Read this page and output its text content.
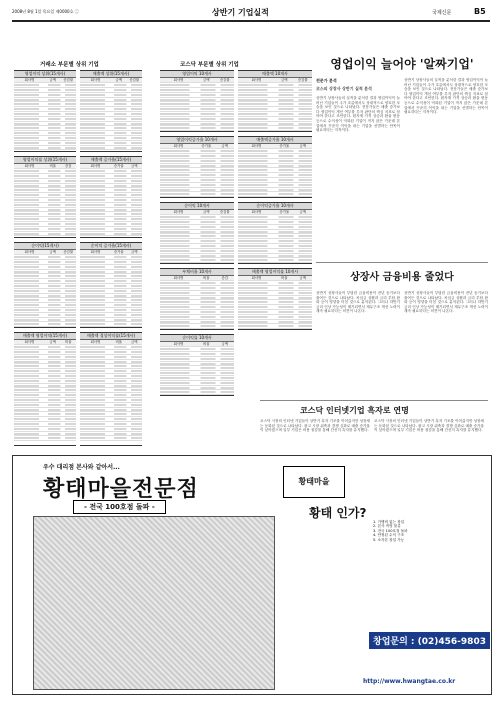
2008년 8월 1일 목요일 제0000호 ㊁	상반기 기업실적	국제신문	B5
거래소 부문별 상위 기업	코스닥 부문별 상위 기업
영업이익 상위(15개사)
회사명	금액	증감률
매출액 상위(15개사)
회사명	금액	증감률
영업이익률 상위(15개사)
회사명	비율	증감
매출액 증가율(15개사)
회사명	증가율	금액
순이익(15개사)
회사명	금액	증감률
순이익 증가율(15개사)
회사명	증가율	금액
매출액 영업이익(15개사)
회사명	금액	비율
매출액 경상이익률(15개사)
회사명	비율	금액
영업이익 10개사
회사명	금액	증감률
매출액 10개사
회사명	금액	증감률
영업이익증가율 10개사
회사명	증가율	금액
매출액증가율 10개사
회사명	증가율	금액
순이익 10개사
회사명	금액	증감률
순이익증가율 10개사
회사명	증가율	금액
부채비율 10개사
회사명	비율	증감
매출액 영업이익률 10개사
회사명	비율	금액
순이익률 10개사
회사명	비율	금액
영업이익 늘어야 '알짜기업'
전문가 분석
코스피 상장사 상반기 실적 분석
상반기 상장사들의 실적을 분석한 결과 영업이익이 늘어난 기업들이 주가 흐름에서도 상대적으로 양호한 모습을 보인 것으로 나타났다. 전문가들은 매출 증가보다 영업이익 개선 여부를 투자 판단의 핵심 지표로 삼아야 한다고 조언한다. 원자재 가격 상승과 환율 변동 등으로 수익성이 악화된 기업이 적지 않은 가운데 본업에서 꾸준히 이익을 내는 기업을 선별하는 안목이 필요하다는 지적이다.
상반기 상장사들의 실적을 분석한 결과 영업이익이 늘어난 기업들이 주가 흐름에서도 상대적으로 양호한 모습을 보인 것으로 나타났다. 전문가들은 매출 증가보다 영업이익 개선 여부를 투자 판단의 핵심 지표로 삼아야 한다고 조언한다. 원자재 가격 상승과 환율 변동 등으로 수익성이 악화된 기업이 적지 않은 가운데 본업에서 꾸준히 이익을 내는 기업을 선별하는 안목이 필요하다는 지적이다.
상장사 금융비용 줄었다
상반기 상장사들이 부담한 금융비용이 전년 동기보다 줄어든 것으로 나타났다. 차입금 상환과 금리 부담 완화 등이 영향을 미친 것으로 분석된다. 그러나 하반기 금리 인상 가능성이 제기되면서 재무구조 개선 노력이 계속 필요하다는 의견이 나온다.
상반기 상장사들이 부담한 금융비용이 전년 동기보다 줄어든 것으로 나타났다. 차입금 상환과 금리 부담 완화 등이 영향을 미친 것으로 분석된다. 그러나 하반기 금리 인상 가능성이 제기되면서 재무구조 개선 노력이 계속 필요하다는 의견이 나온다.
코스닥 인터넷기업 흑자로 연명
코스닥 시장의 인터넷 기업들이 상반기 흑자 기조를 이어갔지만 성장세는 둔화된 것으로 나타났다. 광고 시장 위축과 경쟁 심화로 매출 증가율이 낮아졌으며 일부 기업은 비용 절감을 통해 간신히 흑자를 유지했다.
코스닥 시장의 인터넷 기업들이 상반기 흑자 기조를 이어갔지만 성장세는 둔화된 것으로 나타났다. 광고 시장 위축과 경쟁 심화로 매출 증가율이 낮아졌으며 일부 기업은 비용 절감을 통해 간신히 흑자를 유지했다.
우수 대리점 본사와 같아서...
황태마을전문점
- 전국 100호점 돌파 -
황태마을
황태 인가?
1. 가맹비 없는 창업
2. 본사 직영 물류
3. 전국 100호점 돌파
4. 안정된 수익 구조
5. 소자본 창업 가능
창업문의 : (02)456-9803
http://www.hwangtae.co.kr
